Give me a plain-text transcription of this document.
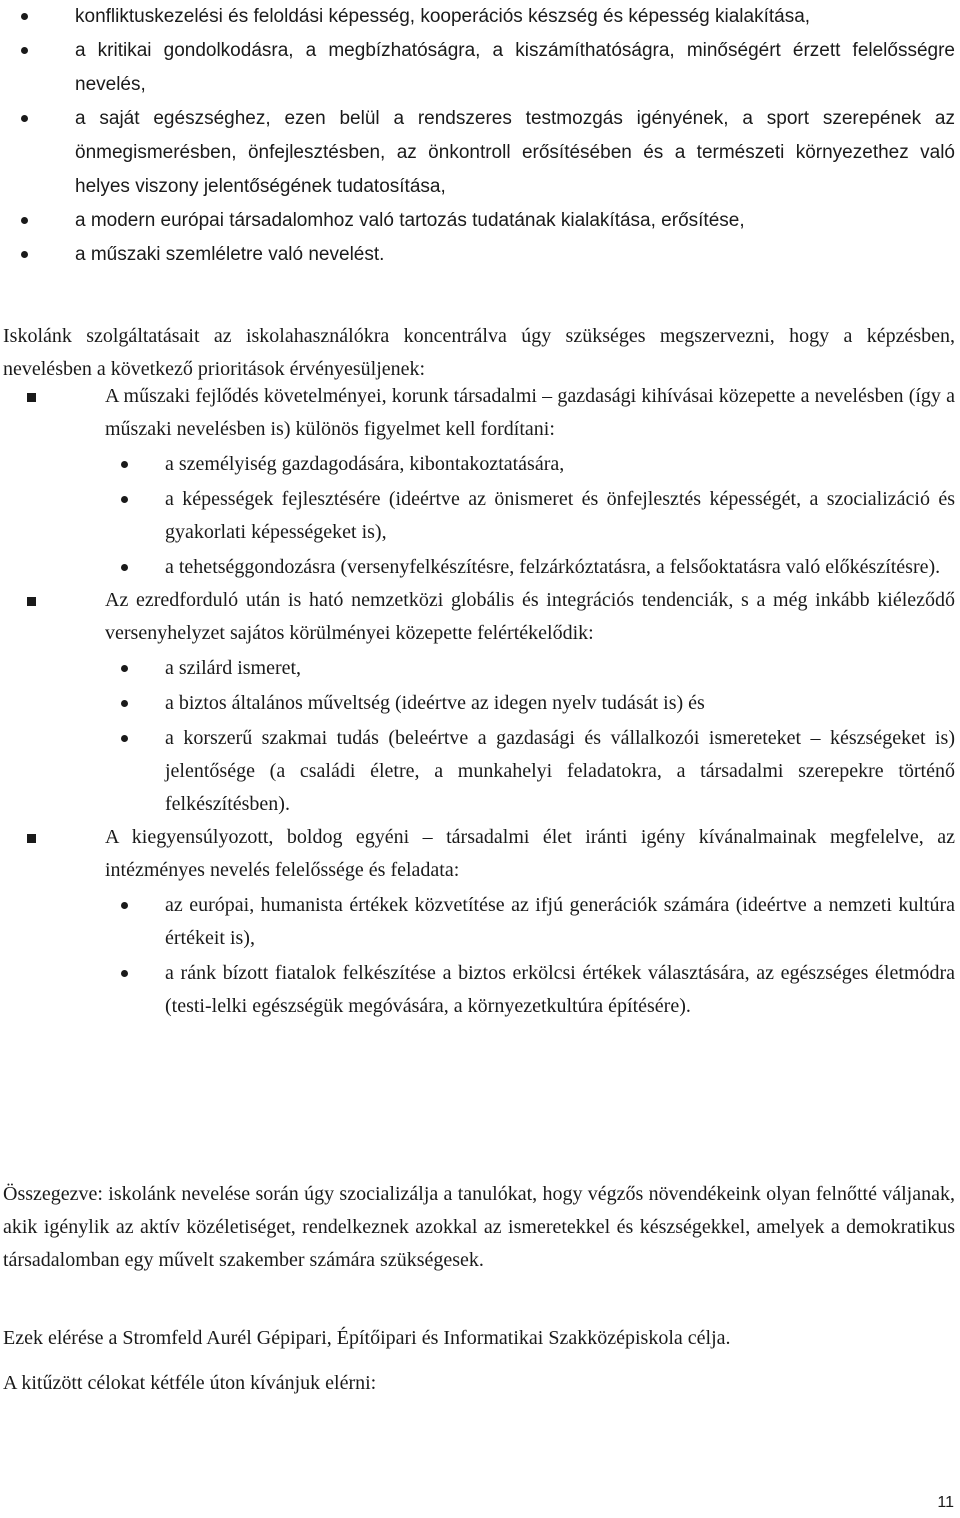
konfliktuskezelési és feloldási képesség, kooperációs készség és képesség kialakítása,
a kritikai gondolkodásra, a megbízhatóságra, a kiszámíthatóságra, minőségért érzett felelősségre nevelés,
a saját egészséghez, ezen belül a rendszeres testmozgás igényének, a sport szerepének az önmegismerésben, önfejlesztésben, az önkontroll erősítésében és a természeti környezethez való helyes viszony jelentőségének tudatosítása,
a modern európai társadalomhoz való tartozás tudatának kialakítása, erősítése,
a műszaki szemléletre való nevelést.

Iskolánk szolgáltatásait az iskolahasználókra koncentrálva úgy szükséges megszervezni, hogy a képzésben, nevelésben a következő prioritások érvényesüljenek:

A műszaki fejlődés követelményei, korunk társadalmi – gazdasági kihívásai közepette a nevelésben (így a műszaki nevelésben is) különös figyelmet kell fordítani:
a személyiség gazdagodására, kibontakoztatására,
a képességek fejlesztésére (ideértve az önismeret és önfejlesztés képességét, a szocializáció és gyakorlati képességeket is),
a tehetséggondozásra (versenyfelkészítésre, felzárkóztatásra, a felsőoktatásra való előkészítésre).
Az ezredforduló után is ható nemzetközi globális és integrációs tendenciák, s a még inkább kiéleződő versenyhelyzet sajátos körülményei közepette felértékelődik:
a szilárd ismeret,
a biztos általános műveltség (ideértve az idegen nyelv tudását is) és
a korszerű szakmai tudás (beleértve a gazdasági és vállalkozói ismereteket – készségeket is) jelentősége (a családi életre, a munkahelyi feladatokra, a társadalmi szerepekre történő felkészítésben).
A kiegyensúlyozott, boldog egyéni – társadalmi élet iránti igény kívánalmainak megfelelve, az intézményes nevelés felelőssége és feladata:
az európai, humanista értékek közvetítése az ifjú generációk számára (ideértve a nemzeti kultúra értékeit is),
a ránk bízott fiatalok felkészítése a biztos erkölcsi értékek választására, az egészséges életmódra (testi-lelki egészségük megóvására, a környezetkultúra építésére).

Összegezve: iskolánk nevelése során úgy szocializálja a tanulókat, hogy végzős növendékeink olyan felnőtté váljanak, akik igénylik az aktív közéletiséget, rendelkeznek azokkal az ismeretekkel és készségekkel, amelyek a demokratikus társadalomban egy művelt szakember számára szükségesek.

Ezek elérése a Stromfeld Aurél Gépipari, Építőipari és Informatikai Szakközépiskola célja.

A kitűzött célokat kétféle úton kívánjuk elérni:

11
